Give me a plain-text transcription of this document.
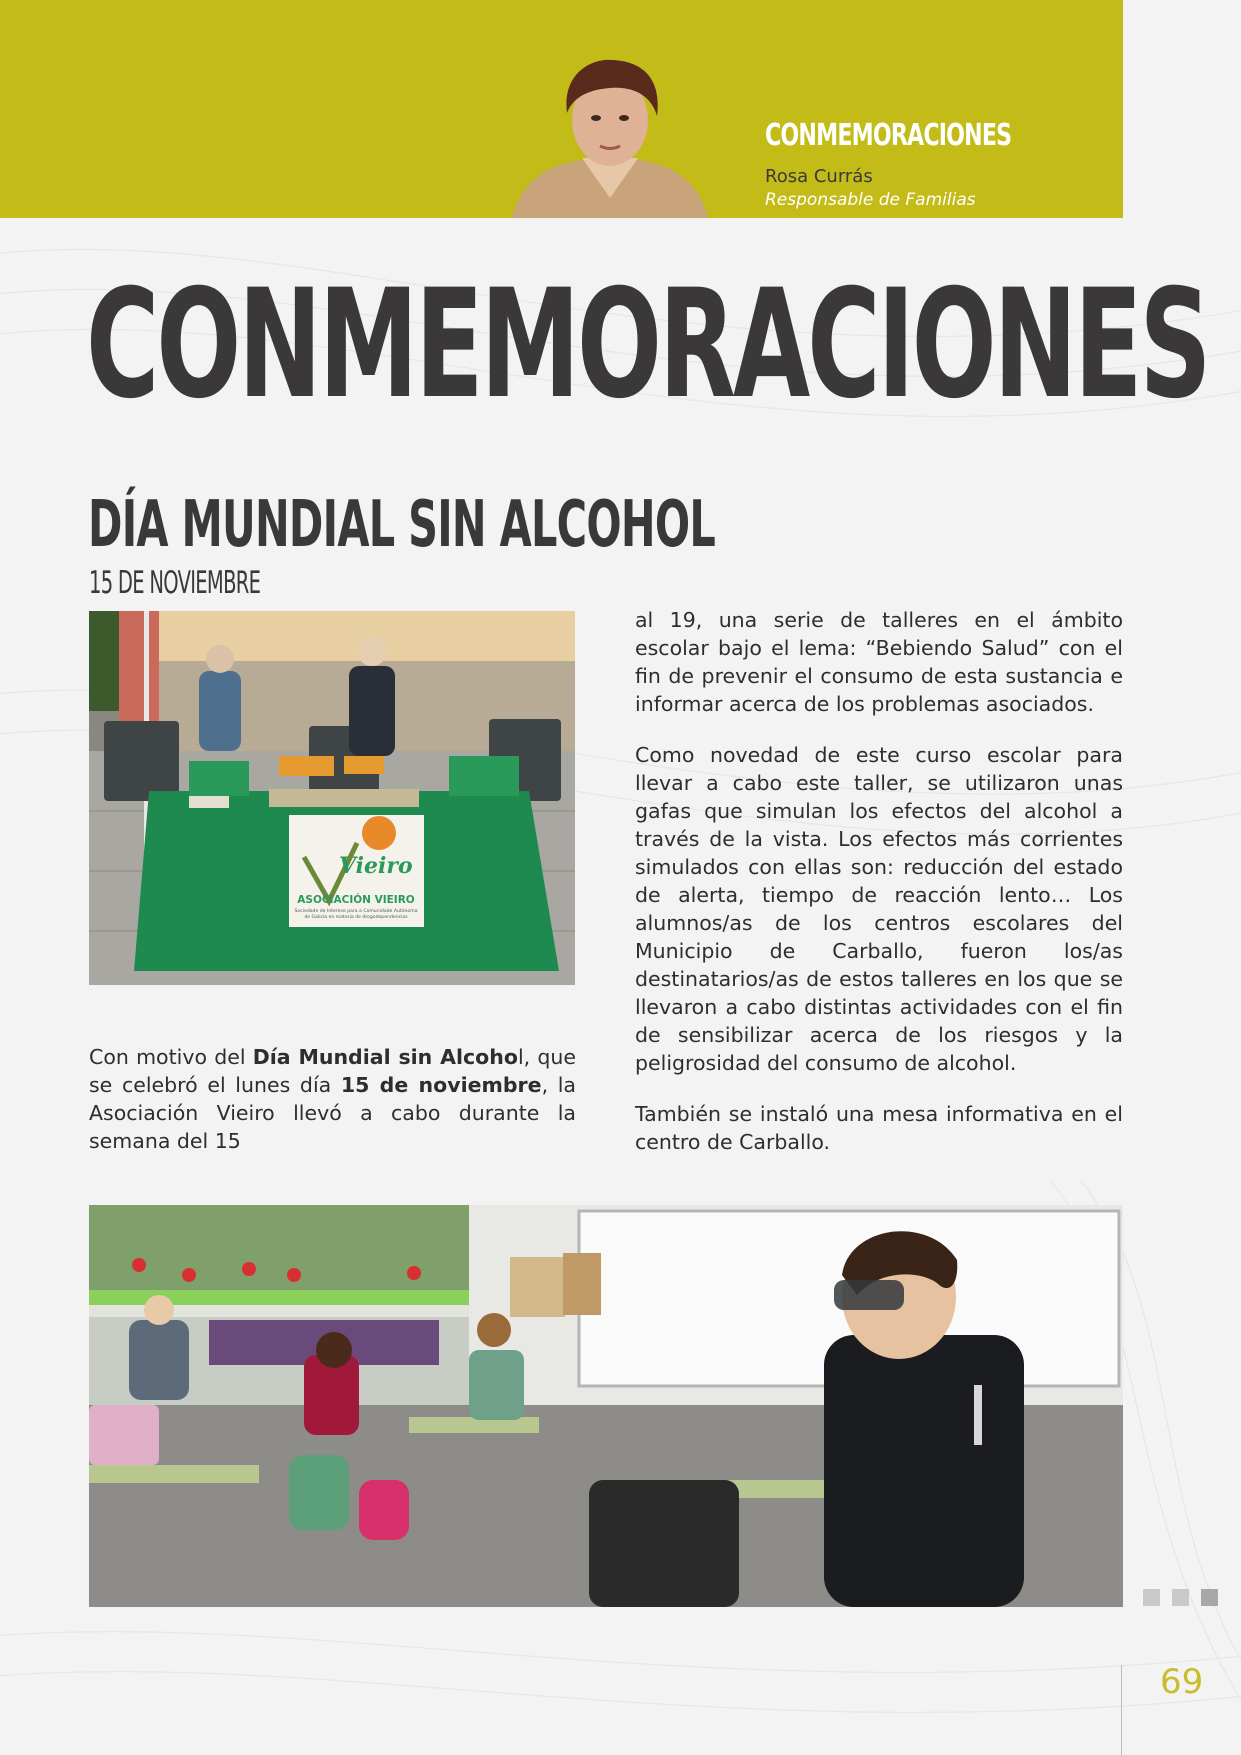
CONMEMORACIONES
Rosa Currás
Responsable de Familias
CONMEMORACIONES
DÍA MUNDIAL SIN ALCOHOL
15 DE NOVIEMBRE
Vieiro
ASOCIACIÓN VIEIRO
Sociedade de Interese para a Comunidade Autónoma
de Galicia en materia de drogodependencias

Con motivo del Día Mundial sin Alcohol, que se celebró el lunes día 15 de noviembre, la Asociación Vieiro llevó a cabo durante la semana del 15

al 19, una serie de talleres en el ámbito escolar bajo el lema: “Bebiendo Salud” con el fin de prevenir el consumo de esta sustancia e informar acerca de los problemas asociados.

Como novedad de este curso escolar para llevar a cabo este taller, se utilizaron unas gafas que simulan los efectos del alcohol a través de la vista. Los efectos más corrientes simulados con ellas son: reducción del estado de alerta, tiempo de reacción lento… Los alumnos/as de los centros escolares del Municipio de Carballo, fueron los/as destinatarios/as de estos talleres en los que se llevaron a cabo distintas actividades con el fin de sensibilizar acerca de los riesgos y la peligrosidad del consumo de alcohol.

También se instaló una mesa informativa en el centro de Carballo.

69
